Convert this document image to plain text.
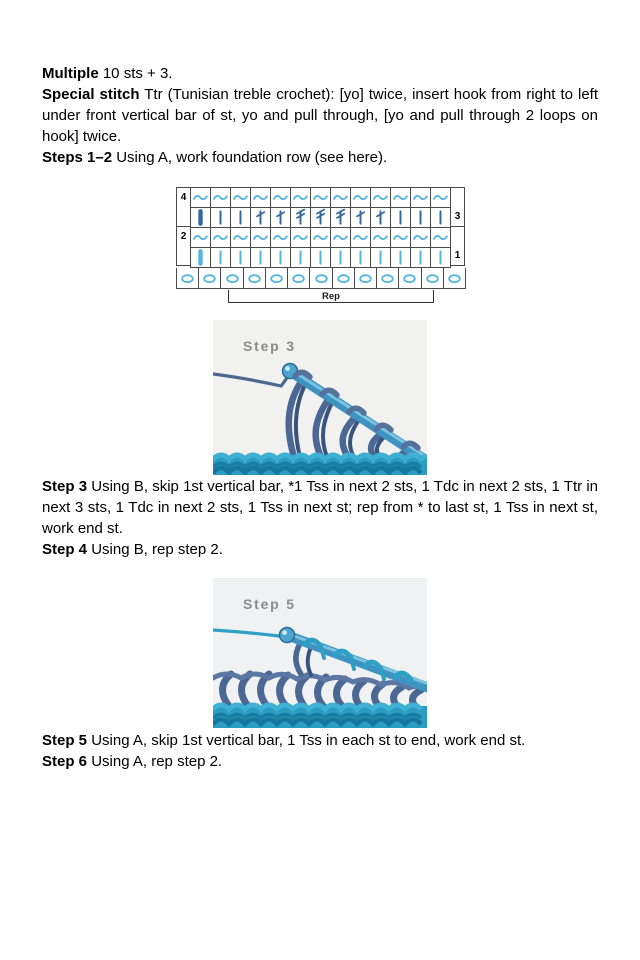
Multiple 10 sts + 3.

Special stitch Ttr (Tunisian treble crochet): [yo] twice, insert hook from right to left under front vertical bar of st, yo and pull through, [yo and pull through 2 loops on hook] twice.

Steps 1–2 Using A, work foundation row (see here).

4
2
3
1
Rep
Step 3

Step 3 Using B, skip 1st vertical bar, *1 Tss in next 2 sts, 1 Tdc in next 2 sts, 1 Ttr in next 3 sts, 1 Tdc in next 2 sts, 1 Tss in next st; rep from * to last st, 1 Tss in next st, work end st.

Step 4 Using B, rep step 2.

Step 5

Step 5 Using A, skip 1st vertical bar, 1 Tss in each st to end, work end st.

Step 6 Using A, rep step 2.
